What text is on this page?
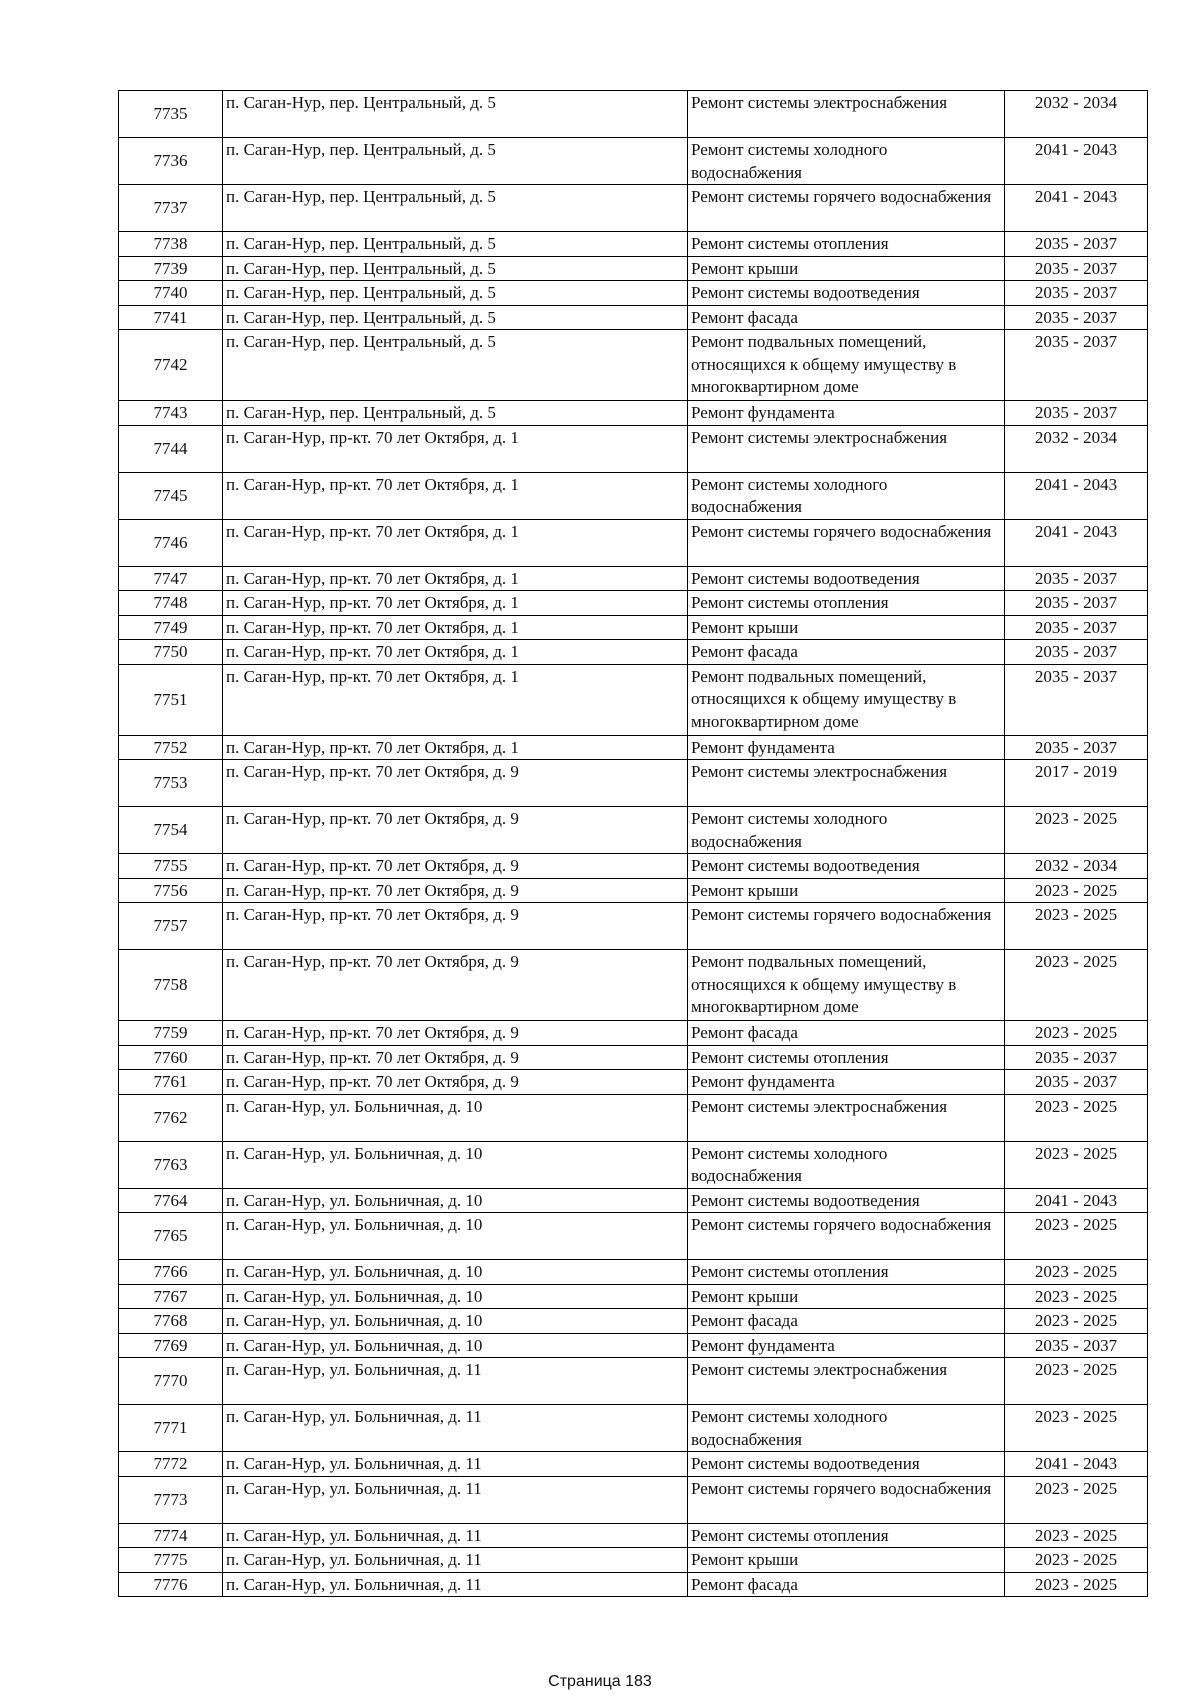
7735	п. Саган-Нур, пер. Центральный, д. 5	Ремонт системы электроснабжения	2032 - 2034
7736	п. Саган-Нур, пер. Центральный, д. 5	Ремонт системы холодного водоснабжения	2041 - 2043
7737	п. Саган-Нур, пер. Центральный, д. 5	Ремонт системы горячего водоснабжения	2041 - 2043
7738	п. Саган-Нур, пер. Центральный, д. 5	Ремонт системы отопления	2035 - 2037
7739	п. Саган-Нур, пер. Центральный, д. 5	Ремонт крыши	2035 - 2037
7740	п. Саган-Нур, пер. Центральный, д. 5	Ремонт системы водоотведения	2035 - 2037
7741	п. Саган-Нур, пер. Центральный, д. 5	Ремонт фасада	2035 - 2037
7742	п. Саган-Нур, пер. Центральный, д. 5	Ремонт подвальных помещений, относящихся к общему имуществу в многоквартирном доме	2035 - 2037
7743	п. Саган-Нур, пер. Центральный, д. 5	Ремонт фундамента	2035 - 2037
7744	п. Саган-Нур, пр-кт. 70 лет Октября, д. 1	Ремонт системы электроснабжения	2032 - 2034
7745	п. Саган-Нур, пр-кт. 70 лет Октября, д. 1	Ремонт системы холодного водоснабжения	2041 - 2043
7746	п. Саган-Нур, пр-кт. 70 лет Октября, д. 1	Ремонт системы горячего водоснабжения	2041 - 2043
7747	п. Саган-Нур, пр-кт. 70 лет Октября, д. 1	Ремонт системы водоотведения	2035 - 2037
7748	п. Саган-Нур, пр-кт. 70 лет Октября, д. 1	Ремонт системы отопления	2035 - 2037
7749	п. Саган-Нур, пр-кт. 70 лет Октября, д. 1	Ремонт крыши	2035 - 2037
7750	п. Саган-Нур, пр-кт. 70 лет Октября, д. 1	Ремонт фасада	2035 - 2037
7751	п. Саган-Нур, пр-кт. 70 лет Октября, д. 1	Ремонт подвальных помещений, относящихся к общему имуществу в многоквартирном доме	2035 - 2037
7752	п. Саган-Нур, пр-кт. 70 лет Октября, д. 1	Ремонт фундамента	2035 - 2037
7753	п. Саган-Нур, пр-кт. 70 лет Октября, д. 9	Ремонт системы электроснабжения	2017 - 2019
7754	п. Саган-Нур, пр-кт. 70 лет Октября, д. 9	Ремонт системы холодного водоснабжения	2023 - 2025
7755	п. Саган-Нур, пр-кт. 70 лет Октября, д. 9	Ремонт системы водоотведения	2032 - 2034
7756	п. Саган-Нур, пр-кт. 70 лет Октября, д. 9	Ремонт крыши	2023 - 2025
7757	п. Саган-Нур, пр-кт. 70 лет Октября, д. 9	Ремонт системы горячего водоснабжения	2023 - 2025
7758	п. Саган-Нур, пр-кт. 70 лет Октября, д. 9	Ремонт подвальных помещений, относящихся к общему имуществу в многоквартирном доме	2023 - 2025
7759	п. Саган-Нур, пр-кт. 70 лет Октября, д. 9	Ремонт фасада	2023 - 2025
7760	п. Саган-Нур, пр-кт. 70 лет Октября, д. 9	Ремонт системы отопления	2035 - 2037
7761	п. Саган-Нур, пр-кт. 70 лет Октября, д. 9	Ремонт фундамента	2035 - 2037
7762	п. Саган-Нур, ул. Больничная, д. 10	Ремонт системы электроснабжения	2023 - 2025
7763	п. Саган-Нур, ул. Больничная, д. 10	Ремонт системы холодного водоснабжения	2023 - 2025
7764	п. Саган-Нур, ул. Больничная, д. 10	Ремонт системы водоотведения	2041 - 2043
7765	п. Саган-Нур, ул. Больничная, д. 10	Ремонт системы горячего водоснабжения	2023 - 2025
7766	п. Саган-Нур, ул. Больничная, д. 10	Ремонт системы отопления	2023 - 2025
7767	п. Саган-Нур, ул. Больничная, д. 10	Ремонт крыши	2023 - 2025
7768	п. Саган-Нур, ул. Больничная, д. 10	Ремонт фасада	2023 - 2025
7769	п. Саган-Нур, ул. Больничная, д. 10	Ремонт фундамента	2035 - 2037
7770	п. Саган-Нур, ул. Больничная, д. 11	Ремонт системы электроснабжения	2023 - 2025
7771	п. Саган-Нур, ул. Больничная, д. 11	Ремонт системы холодного водоснабжения	2023 - 2025
7772	п. Саган-Нур, ул. Больничная, д. 11	Ремонт системы водоотведения	2041 - 2043
7773	п. Саган-Нур, ул. Больничная, д. 11	Ремонт системы горячего водоснабжения	2023 - 2025
7774	п. Саган-Нур, ул. Больничная, д. 11	Ремонт системы отопления	2023 - 2025
7775	п. Саган-Нур, ул. Больничная, д. 11	Ремонт крыши	2023 - 2025
7776	п. Саган-Нур, ул. Больничная, д. 11	Ремонт фасада	2023 - 2025
Страница 183
